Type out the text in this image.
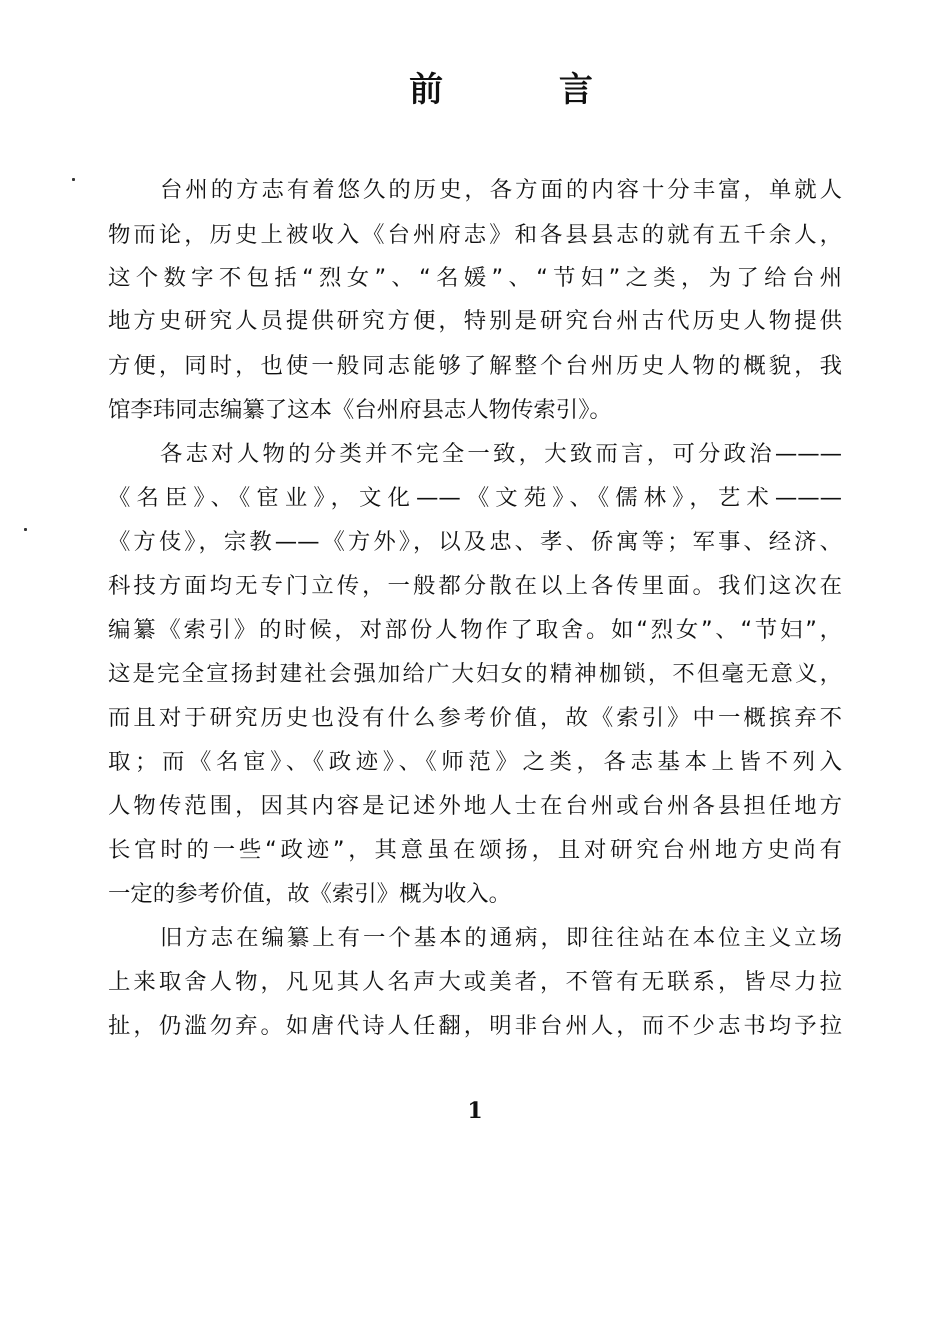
前 言
台州的方志有着悠久的历史，各方面的内容十分丰富，单就人
物而论，历史上被收入《台州府志》和各县县志的就有五千余人，
这个数字不包括“烈女”、“名媛”、“节妇”之类，为了给台州
地方史研究人员提供研究方便，特别是研究台州古代历史人物提供
方便，同时，也使一般同志能够了解整个台州历史人物的概貌，我
馆李玮同志编纂了这本《台州府县志人物传索引》。
各志对人物的分类并不完全一致，大致而言，可分政治———
《名臣》、《宦业》，文化——《文苑》、《儒林》，艺术———
《方伎》，宗教——《方外》，以及忠、孝、侨寓等；军事、经济、
科技方面均无专门立传，一般都分散在以上各传里面。我们这次在
编纂《索引》的时候，对部份人物作了取舍。如“烈女”、“节妇”，
这是完全宣扬封建社会强加给广大妇女的精神枷锁，不但毫无意义，
而且对于研究历史也没有什么参考价值，故《索引》中一概摈弃不
取；而《名宦》、《政迹》、《师范》之类，各志基本上皆不列入
人物传范围，因其内容是记述外地人士在台州或台州各县担任地方
长官时的一些“政迹”，其意虽在颂扬，且对研究台州地方史尚有
一定的参考价值，故《索引》概为收入。
旧方志在编纂上有一个基本的通病，即往往站在本位主义立场
上来取舍人物，凡见其人名声大或美者，不管有无联系，皆尽力拉
扯，仍滥勿弃。如唐代诗人任翻，明非台州人，而不少志书均予拉
1
